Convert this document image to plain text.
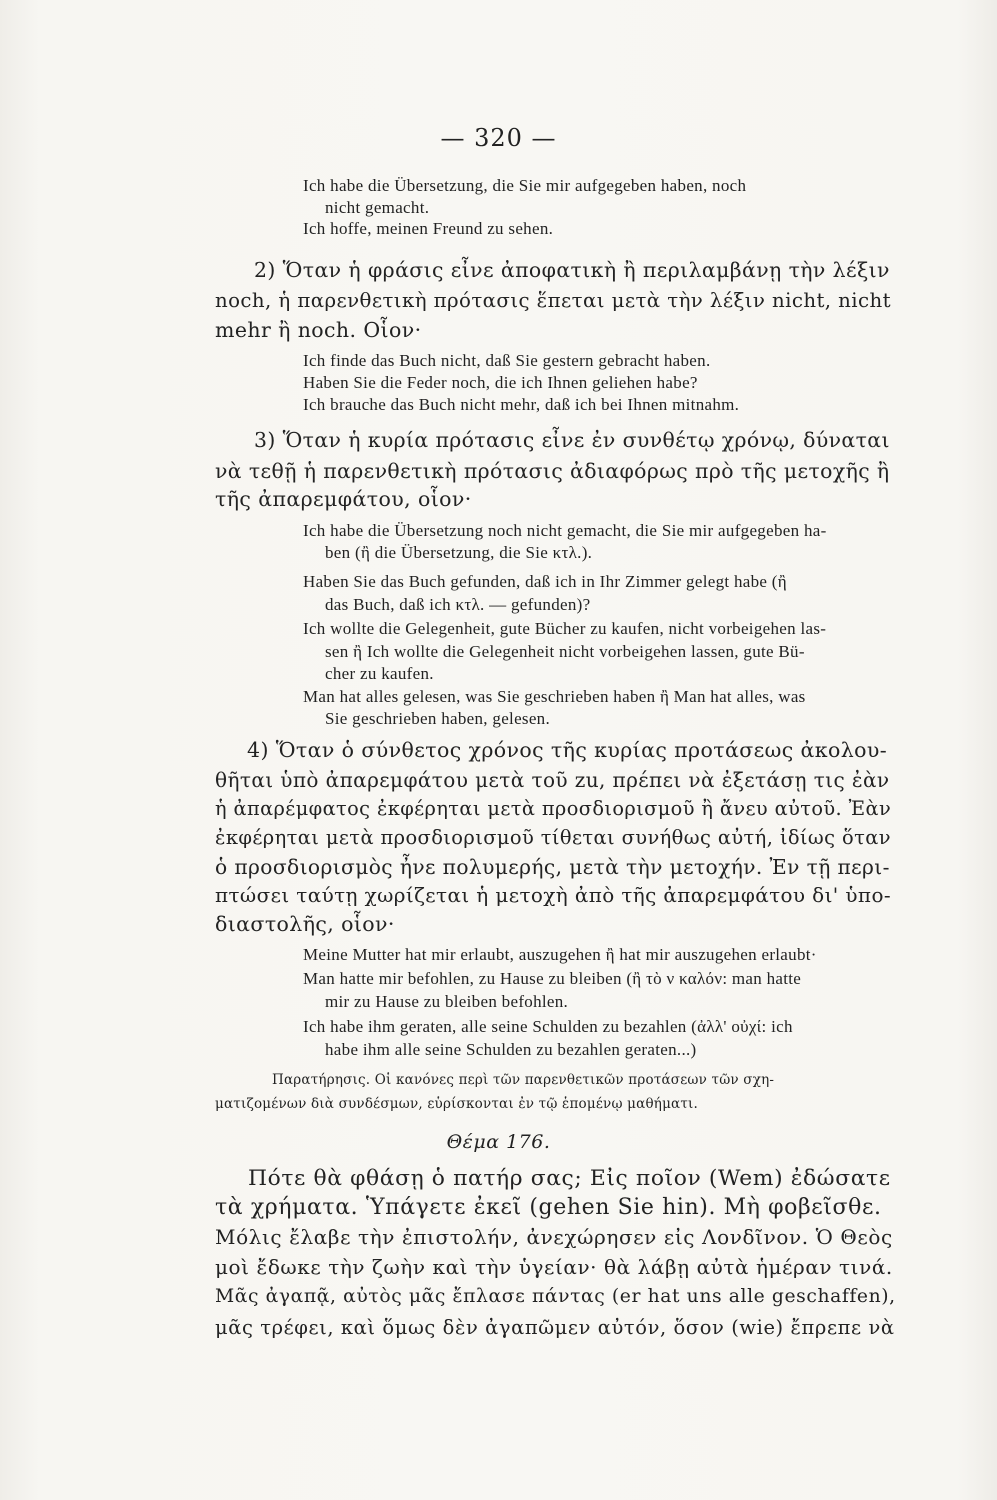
— 320 —
Ich habe die Übersetzung, die Sie mir aufgegeben haben, noch
nicht gemacht.
Ich hoffe, meinen Freund zu sehen.
2) Ὅταν ἡ φράσις εἶνε ἀποφατικὴ ἢ περιλαμβάνῃ τὴν λέξιν
noch, ἡ παρενθετικὴ πρότασις ἕπεται μετὰ τὴν λέξιν nicht, nicht
mehr ἢ noch. Οἷον·
Ich finde das Buch nicht, daß Sie gestern gebracht haben.
Haben Sie die Feder noch, die ich Ihnen geliehen habe?
Ich brauche das Buch nicht mehr, daß ich bei Ihnen mitnahm.
3) Ὅταν ἡ κυρία πρότασις εἶνε ἐν συνθέτῳ χρόνῳ, δύναται
νὰ τεθῇ ἡ παρενθετικὴ πρότασις ἀδιαφόρως πρὸ τῆς μετοχῆς ἢ
τῆς ἀπαρεμφάτου, οἷον·
Ich habe die Übersetzung noch nicht gemacht, die Sie mir aufgegeben ha-
ben (ἢ die Übersetzung, die Sie κτλ.).
Haben Sie das Buch gefunden, daß ich in Ihr Zimmer gelegt habe (ἢ
das Buch, daß ich κτλ. — gefunden)?
Ich wollte die Gelegenheit, gute Bücher zu kaufen, nicht vorbeigehen las-
sen ἢ Ich wollte die Gelegenheit nicht vorbeigehen lassen, gute Bü-
cher zu kaufen.
Man hat alles gelesen, was Sie geschrieben haben ἢ Man hat alles, was
Sie geschrieben haben, gelesen.
4) Ὅταν ὁ σύνθετος χρόνος τῆς κυρίας προτάσεως ἀκολου-
θῆται ὑπὸ ἀπαρεμφάτου μετὰ τοῦ zu, πρέπει νὰ ἐξετάσῃ τις ἐὰν
ἡ ἀπαρέμφατος ἐκφέρηται μετὰ προσδιορισμοῦ ἢ ἄνευ αὐτοῦ. Ἐὰν
ἐκφέρηται μετὰ προσδιορισμοῦ τίθεται συνήθως αὐτή, ἰδίως ὅταν
ὁ προσδιορισμὸς ἦνε πολυμερής, μετὰ τὴν μετοχήν. Ἐν τῇ περι-
πτώσει ταύτῃ χωρίζεται ἡ μετοχὴ ἀπὸ τῆς ἀπαρεμφάτου δι' ὑπο-
διαστολῆς, οἷον·
Meine Mutter hat mir erlaubt, auszugehen ἢ hat mir auszugehen erlaubt·
Man hatte mir befohlen, zu Hause zu bleiben (ἢ τὸ ν καλόν: man hatte
mir zu Hause zu bleiben befohlen.
Ich habe ihm geraten, alle seine Schulden zu bezahlen (ἀλλ' οὐχί: ich
habe ihm alle seine Schulden zu bezahlen geraten...)
Παρατήρησις. Οἱ κανόνες περὶ τῶν παρενθετικῶν προτάσεων τῶν σχη-
ματιζομένων διὰ συνδέσμων, εὑρίσκονται ἐν τῷ ἑπομένῳ μαθήματι.
Θέμα 176.
Πότε θὰ φθάσῃ ὁ πατήρ σας; Εἰς ποῖον (Wem) ἐδώσατε
τὰ χρήματα. Ὑπάγετε ἐκεῖ (gehen Sie hin). Μὴ φοβεῖσθε.
Μόλις ἔλαβε τὴν ἐπιστολήν, ἀνεχώρησεν εἰς Λονδῖνον. Ὁ Θεὸς
μοὶ ἔδωκε τὴν ζωὴν καὶ τὴν ὑγείαν· θὰ λάβῃ αὐτὰ ἡμέραν τινά.
Μᾶς ἀγαπᾷ, αὐτὸς μᾶς ἔπλασε πάντας (er hat uns alle geschaffen),
μᾶς τρέφει, καὶ ὅμως δὲν ἀγαπῶμεν αὐτόν, ὅσον (wie) ἔπρεπε νὰ
